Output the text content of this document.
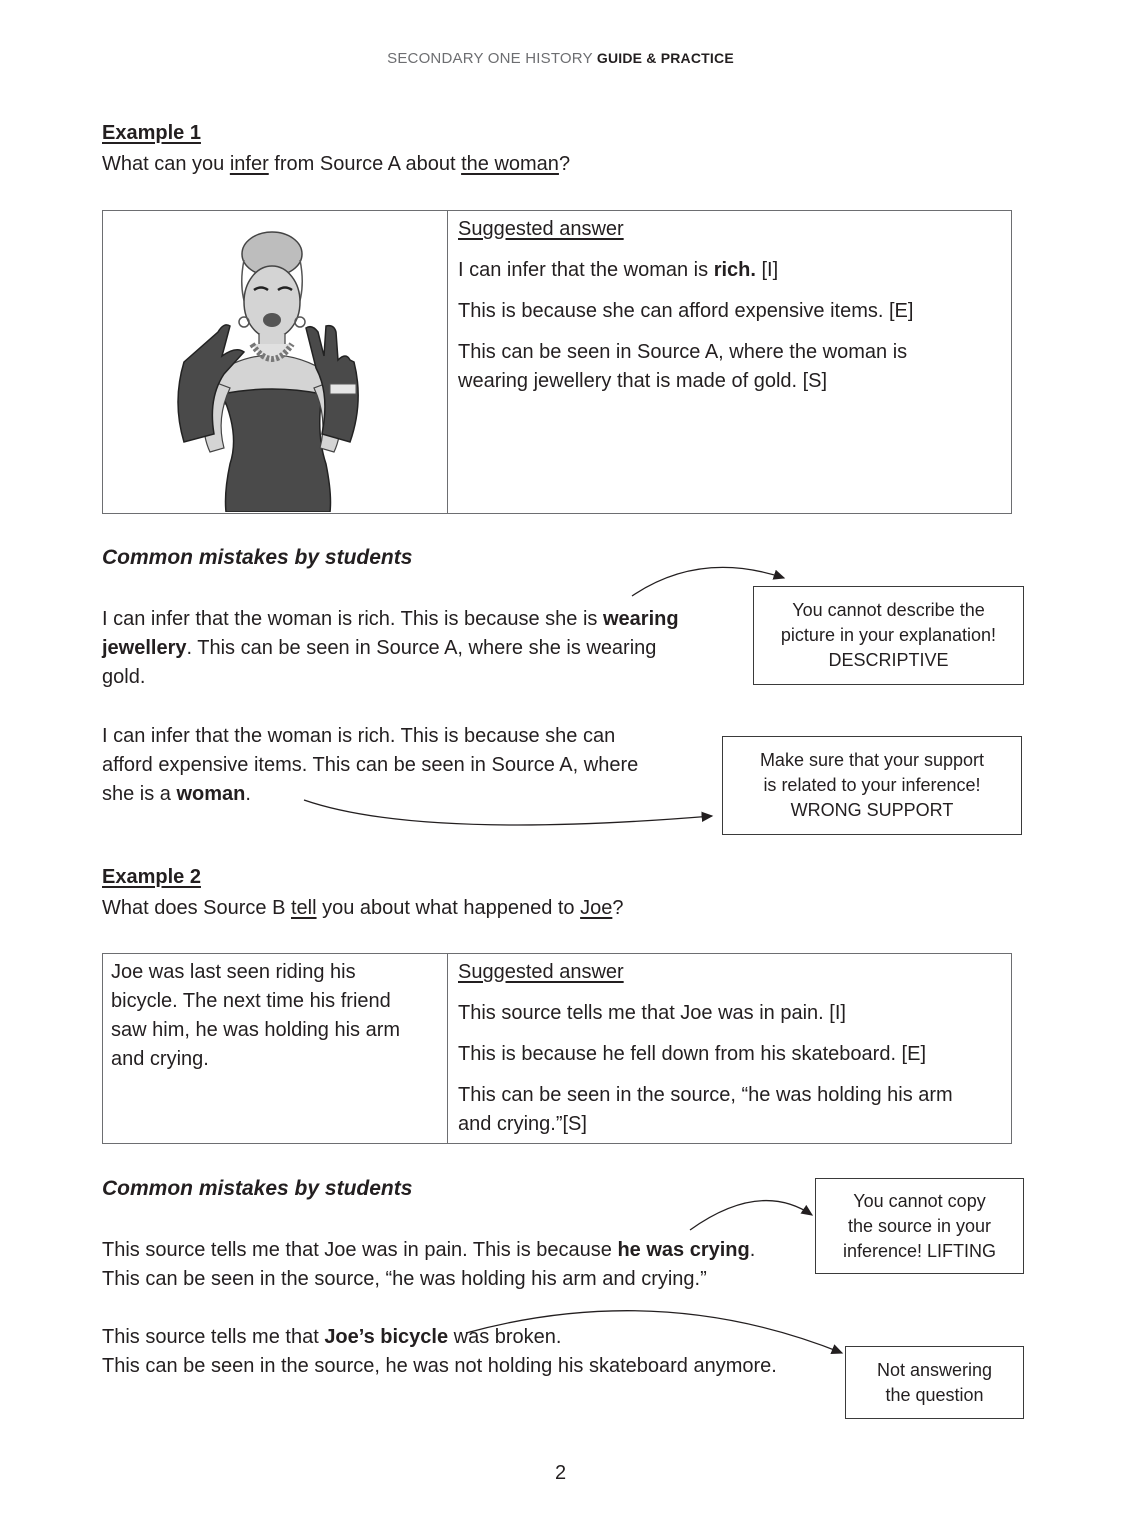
SECONDARY ONE HISTORY GUIDE & PRACTICE
Example 1
What can you infer from Source A about the woman?

Suggested answer

I can infer that the woman is rich. [I]

This is because she can afford expensive items. [E]

This can be seen in Source A, where the woman is
wearing jewellery that is made of gold. [S]

Common mistakes by students
I can infer that the woman is rich. This is because she is wearing
jewellery. This can be seen in Source A, where she is wearing
gold.
You cannot describe the
picture in your explanation!
DESCRIPTIVE
I can infer that the woman is rich. This is because she can
afford expensive items. This can be seen in Source A, where
she is a woman.
Make sure that your support
is related to your inference!
WRONG SUPPORT
Example 2
What does Source B tell you about what happened to Joe?
Joe was last seen riding his
bicycle. The next time his friend
saw him, he was holding his arm
and crying.

Suggested answer

This source tells me that Joe was in pain. [I]

This is because he fell down from his skateboard. [E]

This can be seen in the source, “he was holding his arm
and crying.”[S]

Common mistakes by students
This source tells me that Joe was in pain. This is because he was crying.
This can be seen in the source, “he was holding his arm and crying.”
You cannot copy
the source in your
inference! LIFTING
This source tells me that Joe’s bicycle was broken.
This can be seen in the source, he was not holding his skateboard anymore.	Not answering
the question
2
